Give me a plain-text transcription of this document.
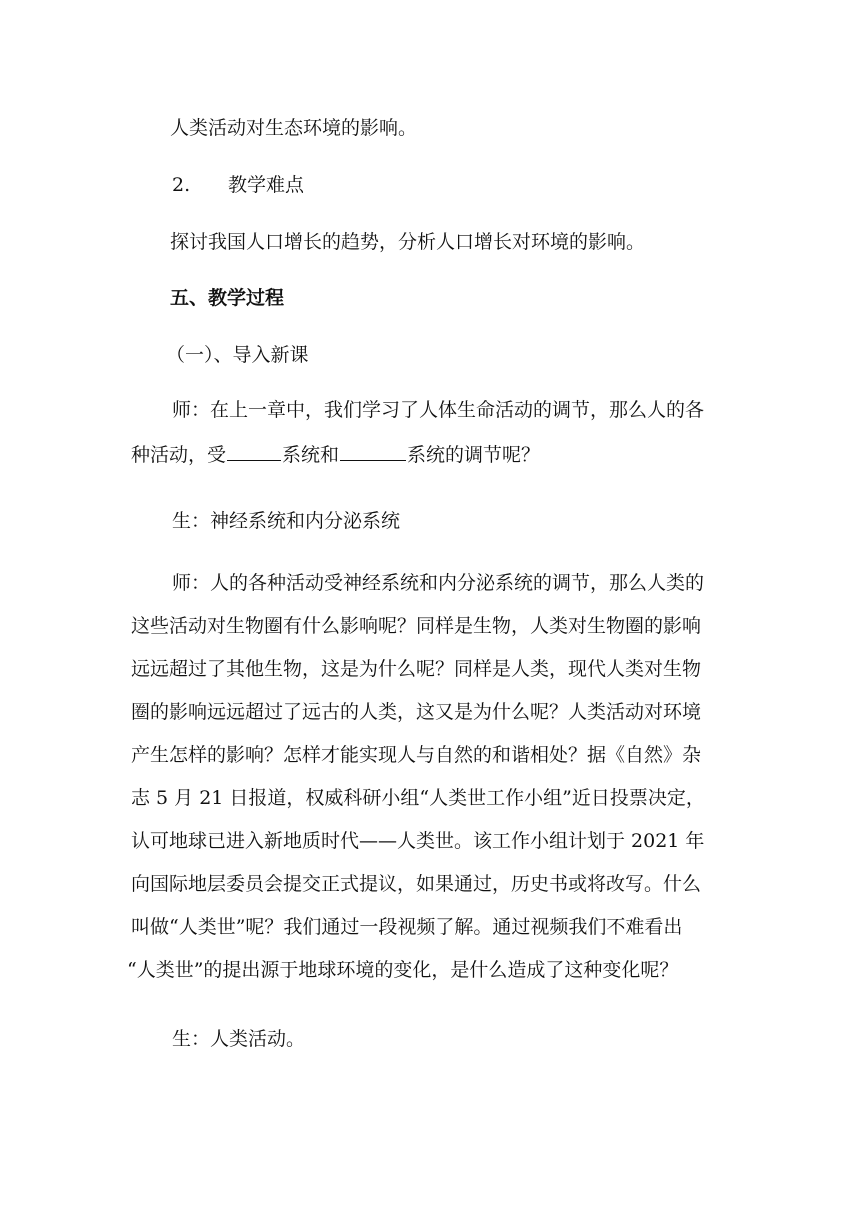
人类活动对生态环境的影响。

2. 教学难点

探讨我国人口增长的趋势，分析人口增长对环境的影响。

五、教学过程

（一）、导入新课

师：在上一章中，我们学习了人体生命活动的调节，那么人的各

种活动，受	系统和	系统的调节呢？

生：神经系统和内分泌系统

师：人的各种活动受神经系统和内分泌系统的调节，那么人类的

这些活动对生物圈有什么影响呢？同样是生物，人类对生物圈的影响

远远超过了其他生物，这是为什么呢？同样是人类，现代人类对生物

圈的影响远远超过了远古的人类，这又是为什么呢？人类活动对环境

产生怎样的影响？怎样才能实现人与自然的和谐相处？据《自然》杂

志 5 月 21 日报道，权威科研小组“人类世工作小组”近日投票决定，

认可地球已进入新地质时代——人类世。该工作小组计划于 2021 年

向国际地层委员会提交正式提议，如果通过，历史书或将改写。什么

叫做“人类世”呢？我们通过一段视频了解。通过视频我们不难看出

“人类世”的提出源于地球环境的变化，是什么造成了这种变化呢？

生：人类活动。
